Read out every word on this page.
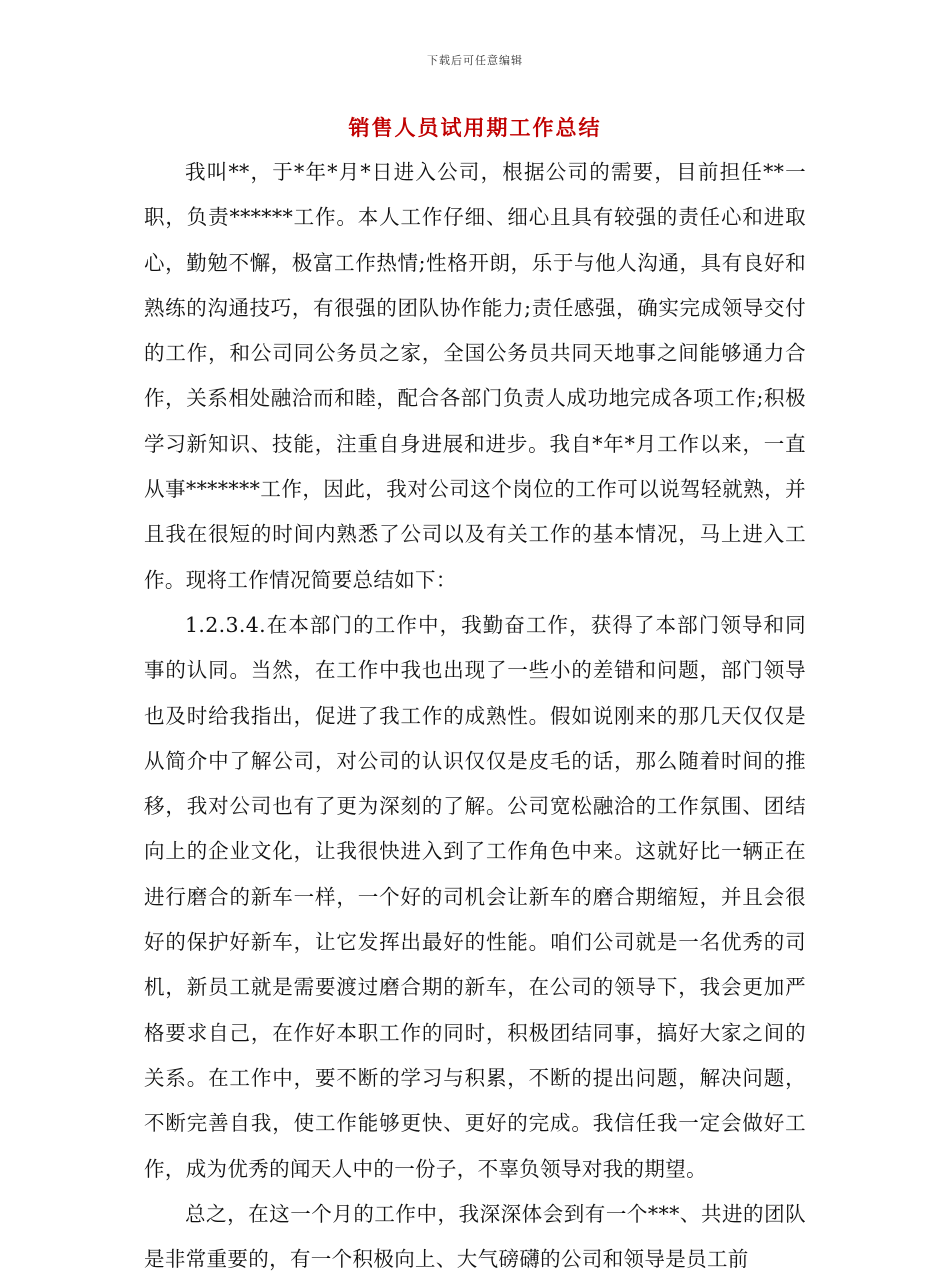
下载后可任意编辑
销售人员试用期工作总结

我叫**，于*年*月*日进入公司，根据公司的需要，目前担任**一职，负责******工作。本人工作仔细、细心且具有较强的责任心和进取心，勤勉不懈，极富工作热情;性格开朗，乐于与他人沟通，具有良好和熟练的沟通技巧，有很强的团队协作能力;责任感强，确实完成领导交付的工作，和公司同公务员之家，全国公务员共同天地事之间能够通力合作，关系相处融洽而和睦，配合各部门负责人成功地完成各项工作;积极学习新知识、技能，注重自身进展和进步。我自*年*月工作以来，一直从事*******工作，因此，我对公司这个岗位的工作可以说驾轻就熟，并且我在很短的时间内熟悉了公司以及有关工作的基本情况，马上进入工作。现将工作情况简要总结如下：

1.2.3.4.在本部门的工作中，我勤奋工作，获得了本部门领导和同事的认同。当然，在工作中我也出现了一些小的差错和问题，部门领导也及时给我指出，促进了我工作的成熟性。假如说刚来的那几天仅仅是从简介中了解公司，对公司的认识仅仅是皮毛的话，那么随着时间的推移，我对公司也有了更为深刻的了解。公司宽松融洽的工作氛围、团结向上的企业文化，让我很快进入到了工作角色中来。这就好比一辆正在进行磨合的新车一样，一个好的司机会让新车的磨合期缩短，并且会很好的保护好新车，让它发挥出最好的性能。咱们公司就是一名优秀的司机，新员工就是需要渡过磨合期的新车，在公司的领导下，我会更加严格要求自己，在作好本职工作的同时，积极团结同事，搞好大家之间的关系。在工作中，要不断的学习与积累，不断的提出问题，解决问题，不断完善自我，使工作能够更快、更好的完成。我信任我一定会做好工作，成为优秀的闻天人中的一份子，不辜负领导对我的期望。

总之，在这一个月的工作中，我深深体会到有一个***、共进的团队是非常重要的，有一个积极向上、大气磅礴的公司和领导是员工前
